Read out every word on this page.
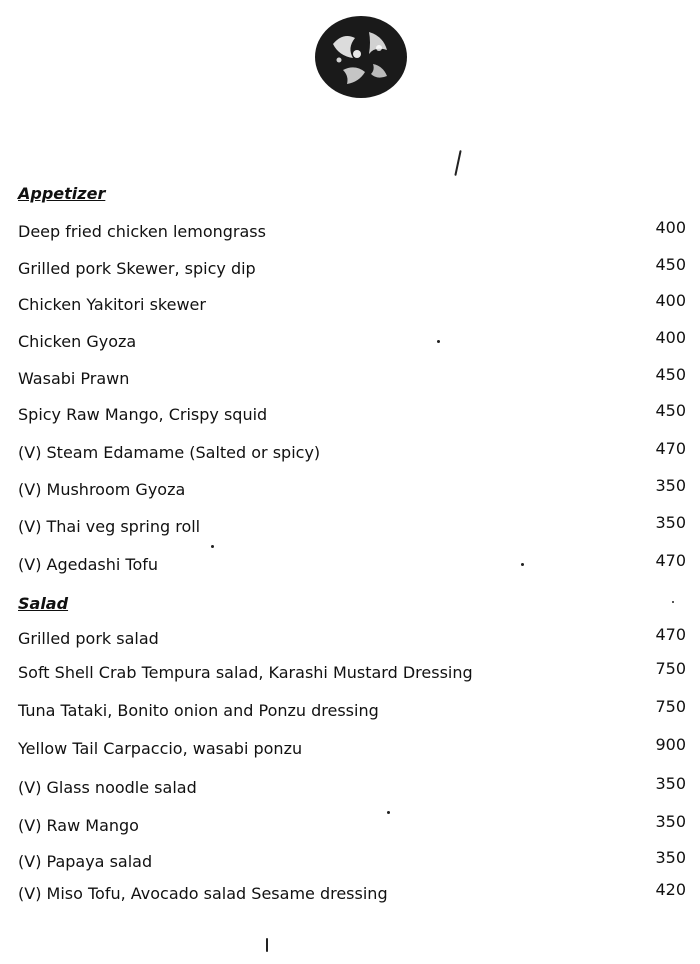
Appetizer
Deep fried chicken lemongrass	400
Grilled pork Skewer, spicy dip	450
Chicken Yakitori skewer	400
Chicken Gyoza	400
Wasabi Prawn	450
Spicy Raw Mango, Crispy squid	450
(V) Steam Edamame (Salted or spicy)	470
(V) Mushroom Gyoza	350
(V) Thai veg spring roll	350
(V) Agedashi Tofu	470
Salad
Grilled pork salad	470
Soft Shell Crab Tempura salad, Karashi Mustard Dressing	750
Tuna Tataki, Bonito onion and Ponzu dressing	750
Yellow Tail Carpaccio, wasabi ponzu	900
(V) Glass noodle salad	350
(V) Raw Mango	350
(V) Papaya salad	350
(V) Miso Tofu, Avocado salad Sesame dressing	420
